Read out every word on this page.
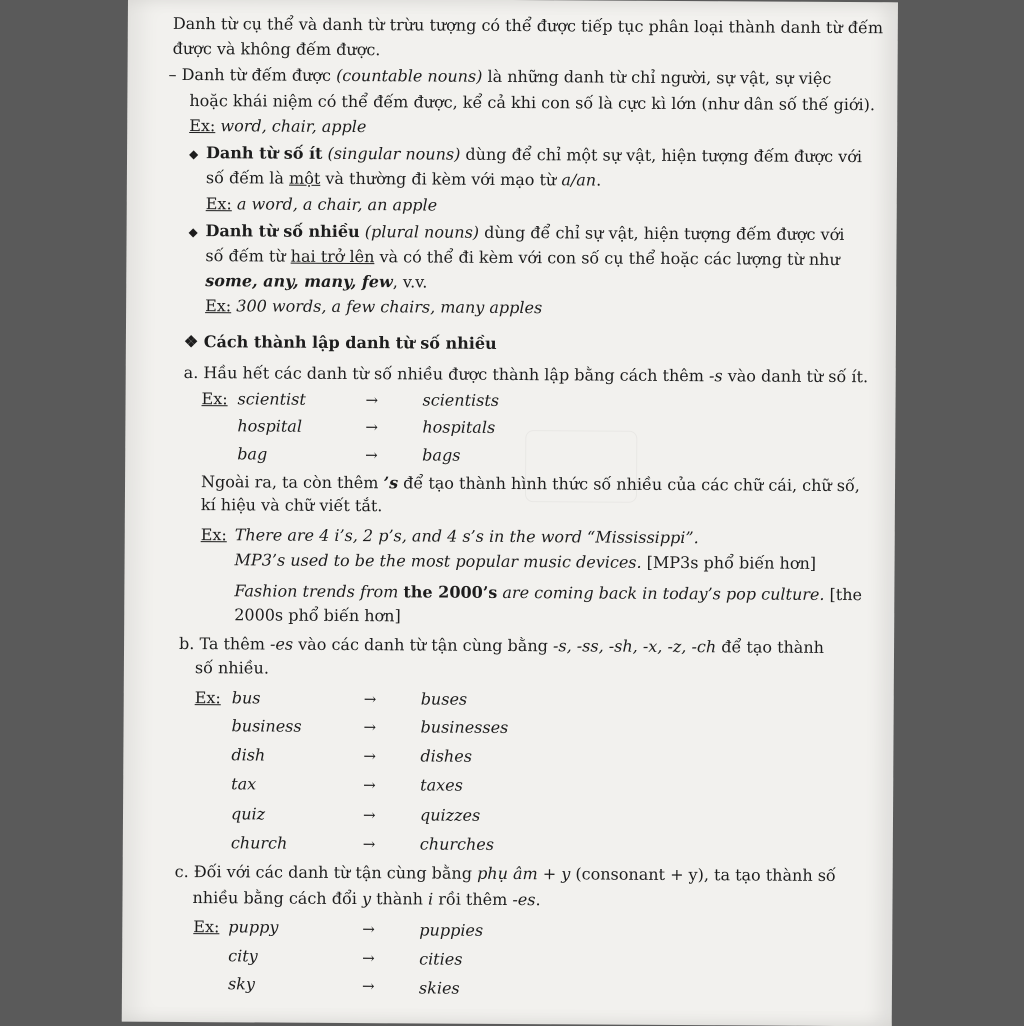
Danh từ cụ thể và danh từ trừu tượng có thể được tiếp tục phân loại thành danh từ đếm
được và không đếm được.
– Danh từ đếm được (countable nouns) là những danh từ chỉ người, sự vật, sự việc
hoặc khái niệm có thể đếm được, kể cả khi con số là cực kì lớn (như dân số thế giới).
Ex: word, chair, apple
◆ Danh từ số ít (singular nouns) dùng để chỉ một sự vật, hiện tượng đếm được với
số đếm là một và thường đi kèm với mạo từ a/an.
Ex: a word, a chair, an apple
◆ Danh từ số nhiều (plural nouns) dùng để chỉ sự vật, hiện tượng đếm được với
số đếm từ hai trở lên và có thể đi kèm với con số cụ thể hoặc các lượng từ như
some, any, many, few, v.v.
Ex: 300 words, a few chairs, many apples
❖ Cách thành lập danh từ số nhiều
a. Hầu hết các danh từ số nhiều được thành lập bằng cách thêm -s vào danh từ số ít.
Ex: scientist	→	scientists
hospital	→	hospitals
bag	→	bags
Ngoài ra, ta còn thêm ’s để tạo thành hình thức số nhiều của các chữ cái, chữ số,
kí hiệu và chữ viết tắt.
Ex: There are 4 i’s, 2 p’s, and 4 s’s in the word “Mississippi”.
MP3’s used to be the most popular music devices. [MP3s phổ biến hơn]
Fashion trends from the 2000’s are coming back in today’s pop culture. [the
2000s phổ biến hơn]
b. Ta thêm -es vào các danh từ tận cùng bằng -s, -ss, -sh, -x, -z, -ch để tạo thành
số nhiều.
Ex: bus	→	buses
business	→	businesses
dish	→	dishes
tax	→	taxes
quiz	→	quizzes
church	→	churches
c. Đối với các danh từ tận cùng bằng phụ âm + y (consonant + y), ta tạo thành số
nhiều bằng cách đổi y thành i rồi thêm -es.
Ex: puppy	→	puppies
city	→	cities
sky	→	skies
